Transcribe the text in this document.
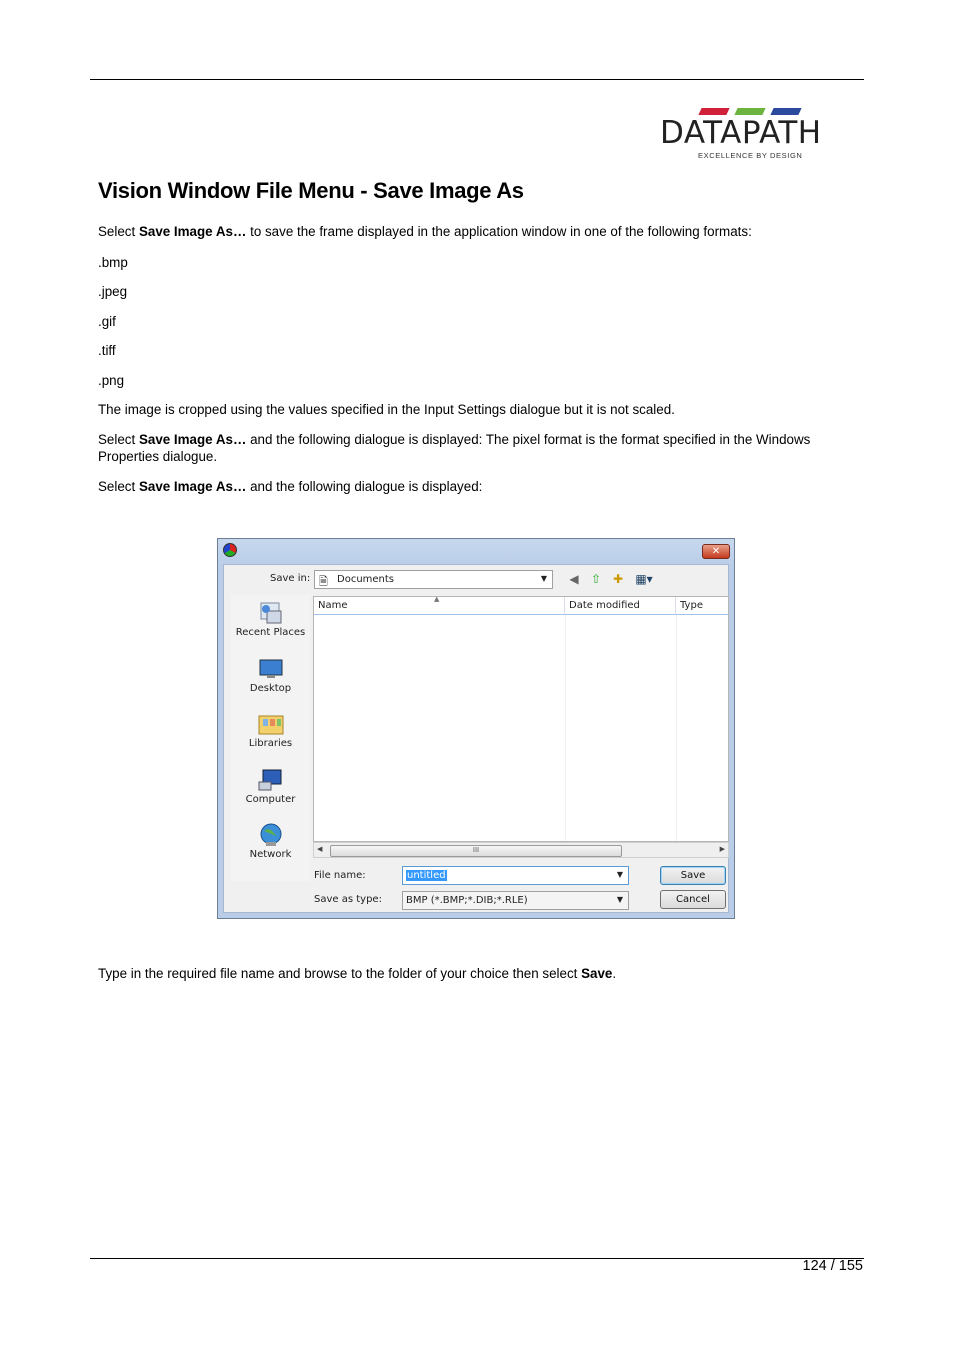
DATAPATH
EXCELLENCE BY DESIGN
Vision Window File Menu - Save Image As
Select Save Image As… to save the frame displayed in the application window in one of the following formats:
.bmp
.jpeg
.gif
.tiff
.png
The image is cropped using the values specified in the Input Settings dialogue but it is not scaled.
Select Save Image As… and the following dialogue is displayed: The pixel format is the format specified in the Windows
Properties dialogue.
Select Save Image As… and the following dialogue is displayed:
✕
Save in: 🗎 Documents	▼ ◀ ⇧ ✚ ▦▾
Recent Places
Desktop
Libraries
Computer
Network
Name
▲
Date modified	Type
◀	III	▶
File name:	untitled	▼	Save
Save as type: BMP (*.BMP;*.DIB;*.RLE)	▼	Cancel
Type in the required file name and browse to the folder of your choice then select Save.
124 / 155
